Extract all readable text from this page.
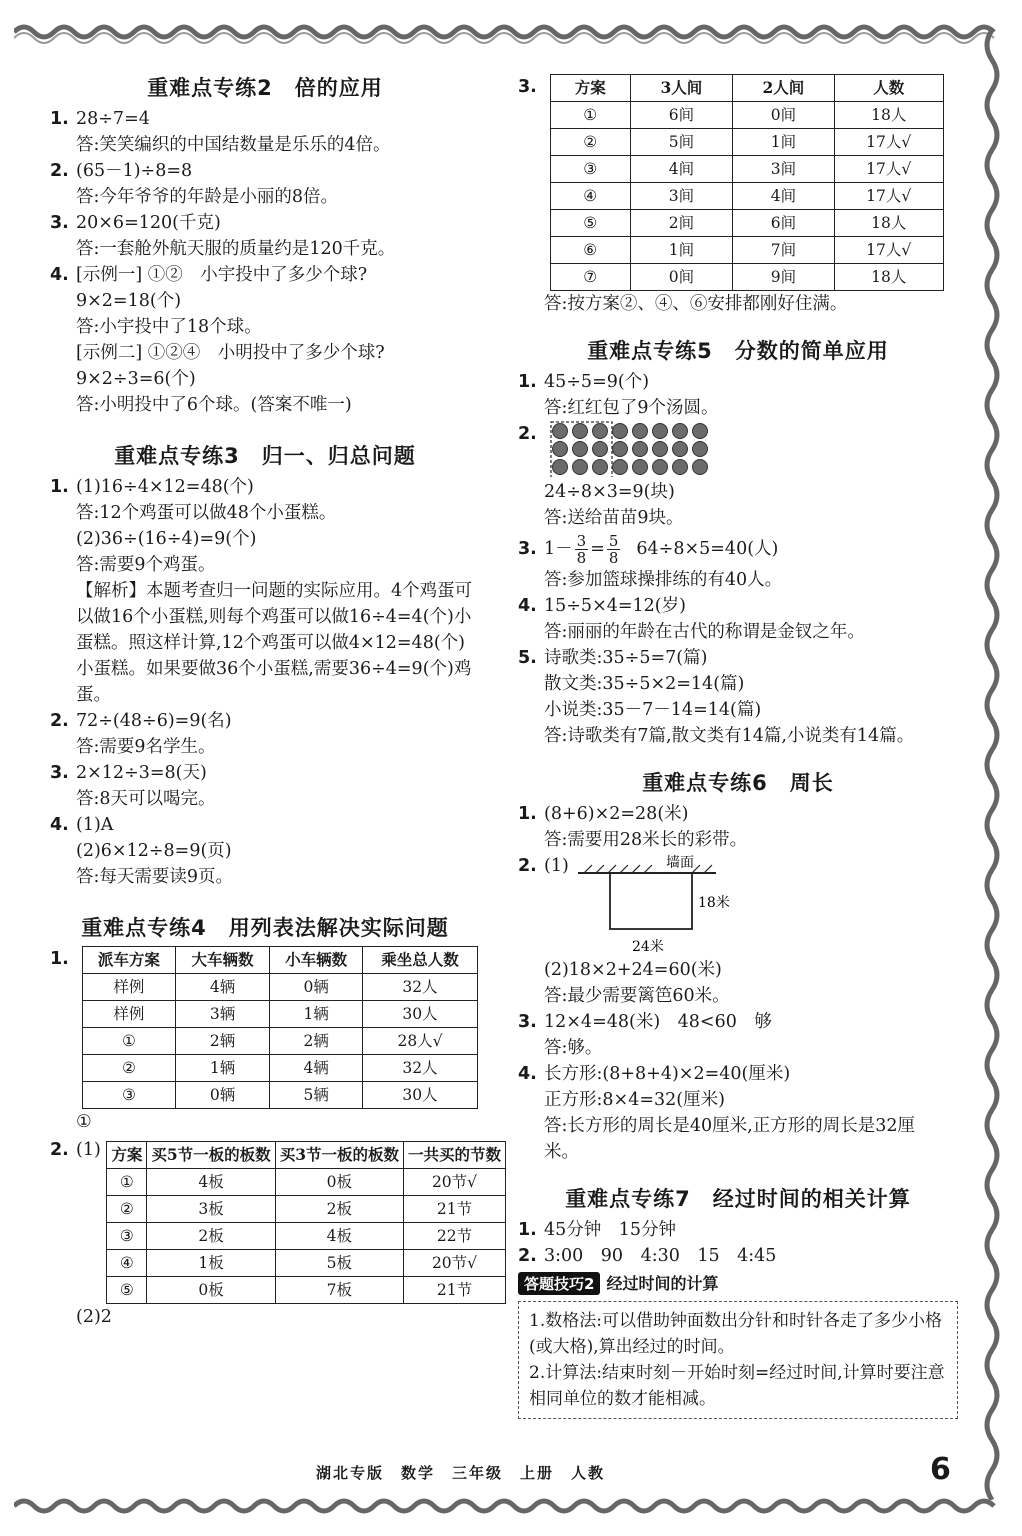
重难点专练2　倍的应用
1. 28÷7=4
答:笑笑编织的中国结数量是乐乐的4倍。
2. (65－1)÷8=8
答:今年爷爷的年龄是小丽的8倍。
3. 20×6=120(千克)
答:一套舱外航天服的质量约是120千克。
4. [示例一] ①②　小宇投中了多少个球?
9×2=18(个)
答:小宇投中了18个球。
[示例二] ①②④　小明投中了多少个球?
9×2÷3=6(个)
答:小明投中了6个球。(答案不唯一)
重难点专练3　归一、归总问题
1. (1)16÷4×12=48(个)
答:12个鸡蛋可以做48个小蛋糕。
(2)36÷(16÷4)=9(个)
答:需要9个鸡蛋。
【解析】本题考查归一问题的实际应用。4个鸡蛋可以做16个小蛋糕,则每个鸡蛋可以做16÷4=4(个)小蛋糕。照这样计算,12个鸡蛋可以做4×12=48(个)小蛋糕。如果要做36个小蛋糕,需要36÷4=9(个)鸡蛋。
2. 72÷(48÷6)=9(名)
答:需要9名学生。
3. 2×12÷3=8(天)
答:8天可以喝完。
4. (1)A
(2)6×12÷8=9(页)
答:每天需要读9页。
重难点专练4　用列表法解决实际问题
1. 派车方案	大车辆数	小车辆数	乘坐总人数
样例	4辆	0辆	32人
样例	3辆	1辆	30人
①	2辆	2辆	28人√
②	1辆	4辆	32人
③	0辆	5辆	30人
①
2. (1) 方案	买5节一板的板数	买3节一板的板数	一共买的节数
①	4板	0板	20节√
②	3板	2板	21节
③	2板	4板	22节
④	1板	5板	20节√
⑤	0板	7板	21节
(2)2
3. 方案	3人间	2人间	人数
①	6间	0间	18人
②	5间	1间	17人√
③	4间	3间	17人√
④	3间	4间	17人√
⑤	2间	6间	18人
⑥	1间	7间	17人√
⑦	0间	9间	18人
答:按方案②、④、⑥安排都刚好住满。
重难点专练5　分数的简单应用
1. 45÷5=9(个)
答:红红包了9个汤圆。
2.
24÷8×3=9(块)
答:送给苗苗9块。
3. $1- \frac{3}{8} = \frac{5}{8} 64\div 8\times 5=40$(人)
答:参加篮球操排练的有40人。
4. 15÷5×4=12(岁)
答:丽丽的年龄在古代的称谓是金钗之年。
5. 诗歌类:35÷5=7(篇)
散文类:35÷5×2=14(篇)
小说类:35－7－14=14(篇)
答:诗歌类有7篇,散文类有14篇,小说类有14篇。
重难点专练6　周长
1. (8+6)×2=28(米)
答:需要用28米长的彩带。
2. (1)	墙面
18米
24米
(2)18×2+24=60(米)
答:最少需要篱笆60米。
3. 12×4=48(米)　48<60　够
答:够。
4. 长方形:(8+8+4)×2=40(厘米)
正方形:8×4=32(厘米)
答:长方形的周长是40厘米,正方形的周长是32厘米。
重难点专练7　经过时间的相关计算
1. 45分钟　15分钟
2. 3:00　90　4:30　15　4:45
答题技巧2 经过时间的计算
1.数格法:可以借助钟面数出分针和时针各走了多少小格(或大格),算出经过的时间。
2.计算法:结束时刻－开始时刻=经过时间,计算时要注意相同单位的数才能相减。
湖北专版　数学　三年级　上册　人教	6
